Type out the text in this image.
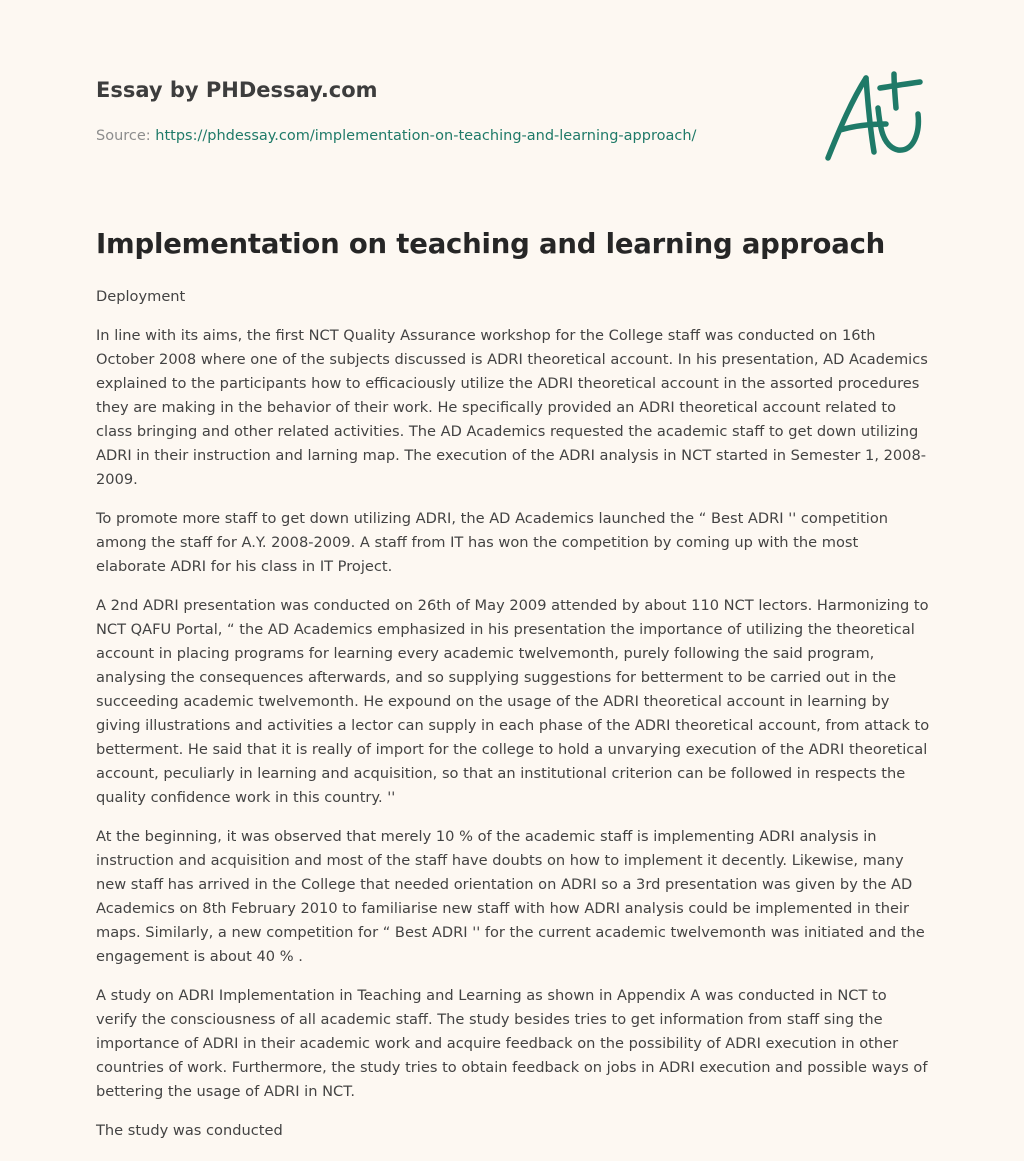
Essay by PHDessay.com
Source: https://phdessay.com/implementation-on-teaching-and-learning-approach/
Implementation on teaching and learning approach

Deployment

In line with its aims, the first NCT Quality Assurance workshop for the College staff was conducted on 16th October 2008 where one of the subjects discussed is ADRI theoretical account. In his presentation, AD Academics explained to the participants how to efficaciously utilize the ADRI theoretical account in the assorted procedures they are making in the behavior of their work. He specifically provided an ADRI theoretical account related to class bringing and other related activities. The AD Academics requested the academic staff to get down utilizing ADRI in their instruction and larning map. The execution of the ADRI analysis in NCT started in Semester 1, 2008-2009.

To promote more staff to get down utilizing ADRI, the AD Academics launched the “ Best ADRI '' competition among the staff for A.Y. 2008-2009. A staff from IT has won the competition by coming up with the most elaborate ADRI for his class in IT Project.

A 2nd ADRI presentation was conducted on 26th of May 2009 attended by about 110 NCT lectors. Harmonizing to NCT QAFU Portal, “ the AD Academics emphasized in his presentation the importance of utilizing the theoretical account in placing programs for learning every academic twelvemonth, purely following the said program, analysing the consequences afterwards, and so supplying suggestions for betterment to be carried out in the succeeding academic twelvemonth. He expound on the usage of the ADRI theoretical account in learning by giving illustrations and activities a lector can supply in each phase of the ADRI theoretical account, from attack to betterment. He said that it is really of import for the college to hold a unvarying execution of the ADRI theoretical account, peculiarly in learning and acquisition, so that an institutional criterion can be followed in respects the quality confidence work in this country. ''

At the beginning, it was observed that merely 10 % of the academic staff is implementing ADRI analysis in instruction and acquisition and most of the staff have doubts on how to implement it decently. Likewise, many new staff has arrived in the College that needed orientation on ADRI so a 3rd presentation was given by the AD Academics on 8th February 2010 to familiarise new staff with how ADRI analysis could be implemented in their maps. Similarly, a new competition for “ Best ADRI '' for the current academic twelvemonth was initiated and the engagement is about 40 % .

A study on ADRI Implementation in Teaching and Learning as shown in Appendix A was conducted in NCT to verify the consciousness of all academic staff. The study besides tries to get information from staff sing the importance of ADRI in their academic work and acquire feedback on the possibility of ADRI execution in other countries of work. Furthermore, the study tries to obtain feedback on jobs in ADRI execution and possible ways of bettering the usage of ADRI in NCT.

The study was conducted
